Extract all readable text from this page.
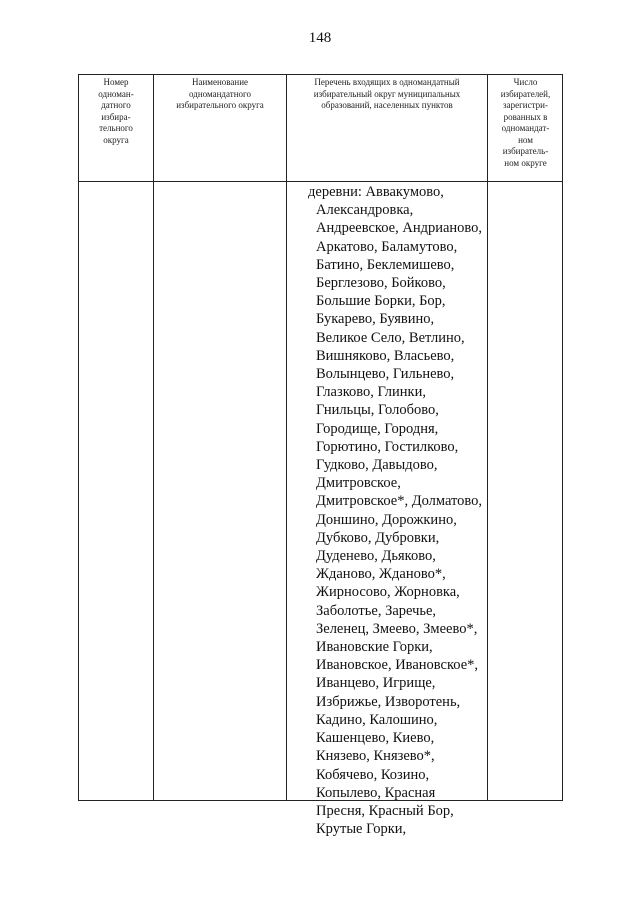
148
Номер
одноман-
датного
избира-
тельного
округа
Наименование
одномандатного
избирательного округа
Перечень входящих в одномандатный
избирательный округ муниципальных
образований, населенных пунктов
Число
избирателей,
зарегистри-
рованных в
одномандат-
ном
избиратель-
ном округе
деревни: Аввакумово,
Александровка,
Андреевское, Андрианово,
Аркатово, Баламутово,
Батино, Беклемишево,
Берглезово, Бойково,
Большие Борки, Бор,
Букарево, Буявино,
Великое Село, Ветлино,
Вишняково, Власьево,
Волынцево, Гильнево,
Глазково, Глинки,
Гнильцы, Голобово,
Городище, Городня,
Горютино, Гостилково,
Гудково, Давыдово,
Дмитровское,
Дмитровское*, Долматово,
Доншино, Дорожкино,
Дубково, Дубровки,
Дуденево, Дьяково,
Жданово, Жданово*,
Жирносово, Жорновка,
Заболотье, Заречье,
Зеленец, Змеево, Змеево*,
Ивановские Горки,
Ивановское, Ивановское*,
Иванцево, Игрище,
Избрижье, Изворотень,
Кадино, Калошино,
Кашенцево, Киево,
Князево, Князево*,
Кобячево, Козино,
Копылево, Красная
Пресня, Красный Бор,
Крутые Горки,
